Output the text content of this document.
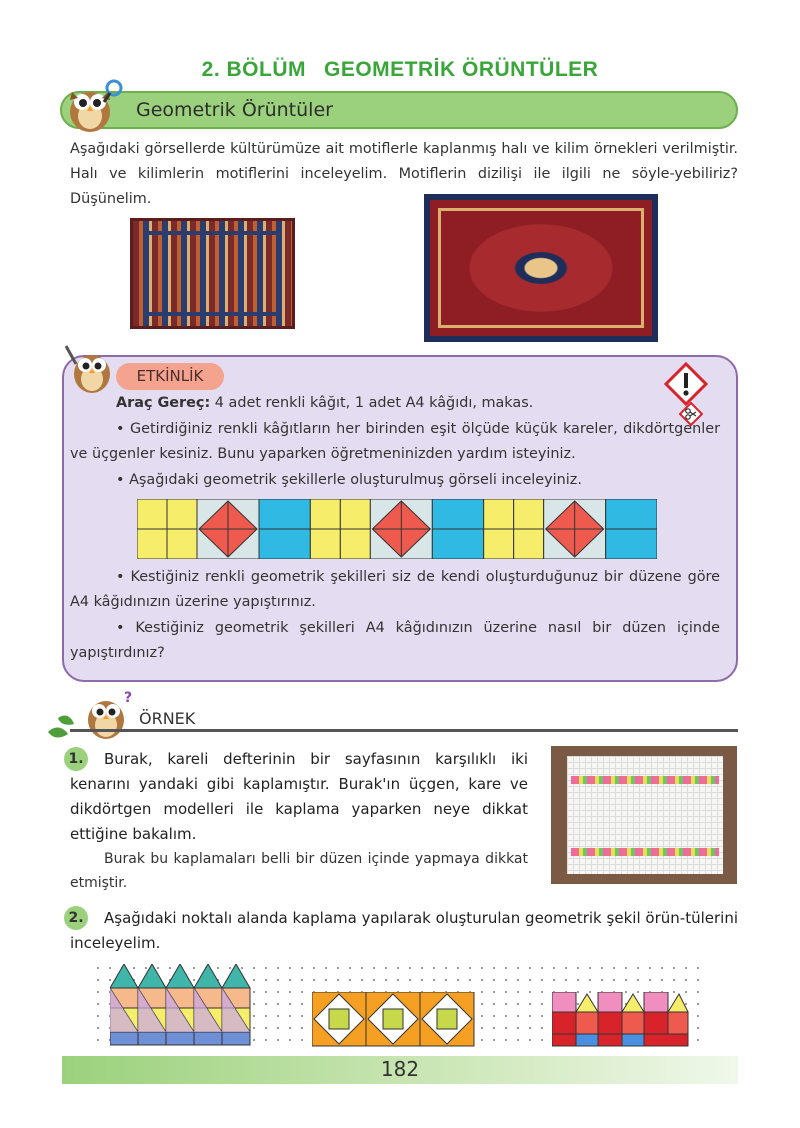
2. BÖLÜM GEOMETRİK ÖRÜNTÜLER
Geometrik Örüntüler
Aşağıdaki görsellerde kültürümüze ait motiflerle kaplanmış halı ve kilim örnekleri verilmiştir. Halı ve kilimlerin motiflerini inceleyelim. Motiflerin dizilişi ile ilgili ne söyle-yebiliriz? Düşünelim.
ETKİNLİK
Araç Gereç: 4 adet renkli kâğıt, 1 adet A4 kâğıdı, makas.
• Getirdiğiniz renkli kâğıtların her birinden eşit ölçüde küçük kareler, dikdörtgenler ve üçgenler kesiniz. Bunu yaparken öğretmeninizden yardım isteyiniz.
• Aşağıdaki geometrik şekillerle oluşturulmuş görseli inceleyiniz.
• Kestiğiniz renkli geometrik şekilleri siz de kendi oluşturduğunuz bir düzene göre A4 kâğıdınızın üzerine yapıştırınız.
• Kestiğiniz geometrik şekilleri A4 kâğıdınızın üzerine nasıl bir düzen içinde yapıştırdınız?
?
ÖRNEK
Burak, kareli defterinin bir sayfasının karşılıklı iki kenarını yandaki gibi kaplamıştır. Burak'ın üçgen, kare ve dikdörtgen modelleri ile kaplama yaparken neye dikkat ettiğine bakalım.
1.
Burak bu kaplamaları belli bir düzen içinde yapmaya dikkat etmiştir.
Aşağıdaki noktalı alanda kaplama yapılarak oluşturulan geometrik şekil örün-tülerini inceleyelim.
2.
182
